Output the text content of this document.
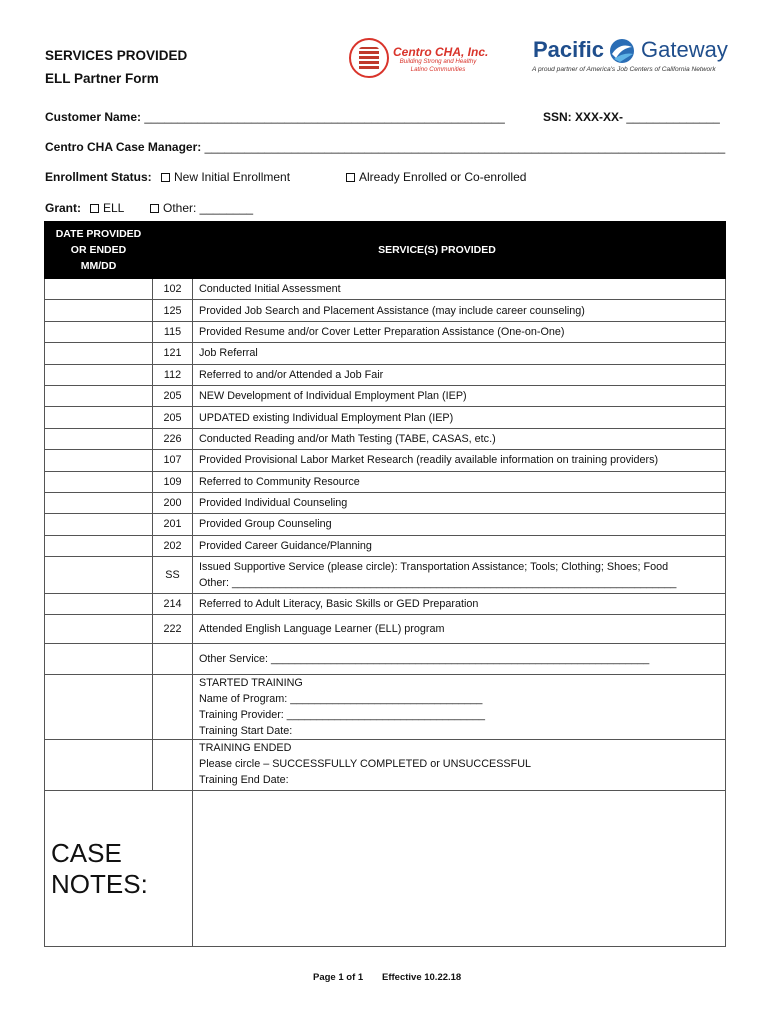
SERVICES PROVIDED
ELL Partner Form
Centro CHA, Inc.
Building Strong and Healthy Latino Communities
Pacific Gateway
A proud partner of America's Job Centers of California Network
Customer Name: ______________________________________________________	SSN: XXX-XX- ______________
Centro CHA Case Manager: ______________________________________________________________________________
Enrollment Status:	New Initial Enrollment	Already Enrolled or Co-enrolled
Grant:	ELL	Other: ________
DATE PROVIDED
OR ENDED
MM/DD		SERVICE(S) PROVIDED
	102	Conducted Initial Assessment
	125	Provided Job Search and Placement Assistance (may include career counseling)
	115	Provided Resume and/or Cover Letter Preparation Assistance (One-on-One)
	121	Job Referral
	112	Referred to and/or Attended a Job Fair
	205	NEW Development of Individual Employment Plan (IEP)
	205	UPDATED existing Individual Employment Plan (IEP)
	226	Conducted Reading and/or Math Testing (TABE, CASAS, etc.)
	107	Provided Provisional Labor Market Research (readily available information on training providers)
	109	Referred to Community Resource
	200	Provided Individual Counseling
	201	Provided Group Counseling
	202	Provided Career Guidance/Planning
	SS	Issued Supportive Service (please circle): Transportation Assistance; Tools; Clothing; Shoes; Food
Other: __________________________________________________________________________

	214	Referred to Adult Literacy, Basic Skills or GED Preparation
	222	Attended English Language Learner (ELL) program
		Other Service: _______________________________________________________________

		STARTED TRAINING
Name of Program: ________________________________
Training Provider: _________________________________
Training Start Date:

		TRAINING ENDED
Please circle – SUCCESSFULLY COMPLETED or UNSUCCESSFUL
Training End Date:

CASE NOTES:		
Page 1 of 1 Effective 10.22.18
